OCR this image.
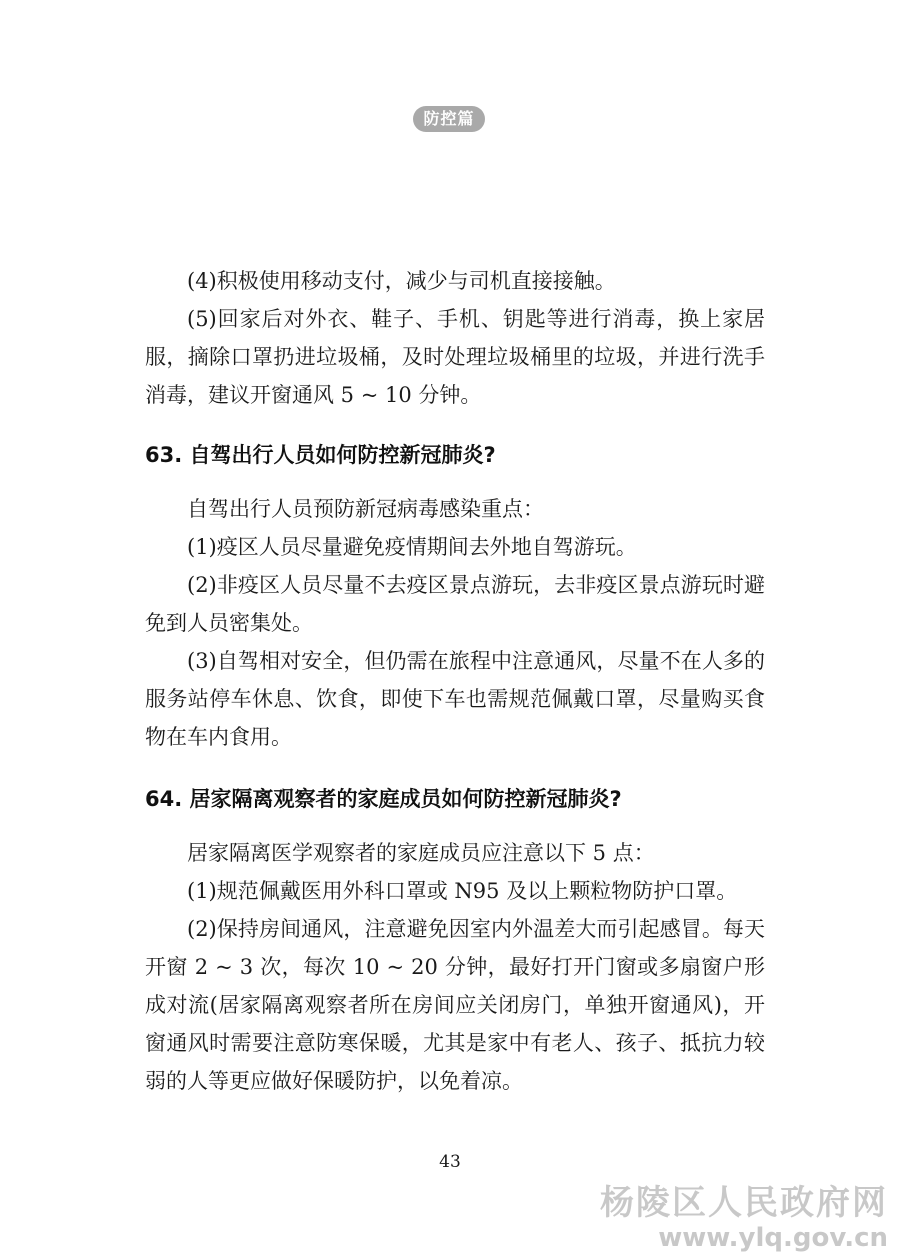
防控篇

(4)积极使用移动支付，减少与司机直接接触。

(5)回家后对外衣、鞋子、手机、钥匙等进行消毒，换上家居服，摘除口罩扔进垃圾桶，及时处理垃圾桶里的垃圾，并进行洗手消毒，建议开窗通风 5 ~ 10 分钟。

63. 自驾出行人员如何防控新冠肺炎?

自驾出行人员预防新冠病毒感染重点：

(1)疫区人员尽量避免疫情期间去外地自驾游玩。

(2)非疫区人员尽量不去疫区景点游玩，去非疫区景点游玩时避免到人员密集处。

(3)自驾相对安全，但仍需在旅程中注意通风，尽量不在人多的服务站停车休息、饮食，即使下车也需规范佩戴口罩，尽量购买食物在车内食用。

64. 居家隔离观察者的家庭成员如何防控新冠肺炎?

居家隔离医学观察者的家庭成员应注意以下 5 点：

(1)规范佩戴医用外科口罩或 N95 及以上颗粒物防护口罩。

(2)保持房间通风，注意避免因室内外温差大而引起感冒。每天开窗 2 ~ 3 次，每次 10 ~ 20 分钟，最好打开门窗或多扇窗户形成对流(居家隔离观察者所在房间应关闭房门，单独开窗通风)，开窗通风时需要注意防寒保暖，尤其是家中有老人、孩子、抵抗力较弱的人等更应做好保暖防护，以免着凉。

43
杨陵区人民政府网
www.ylq.gov.cn
